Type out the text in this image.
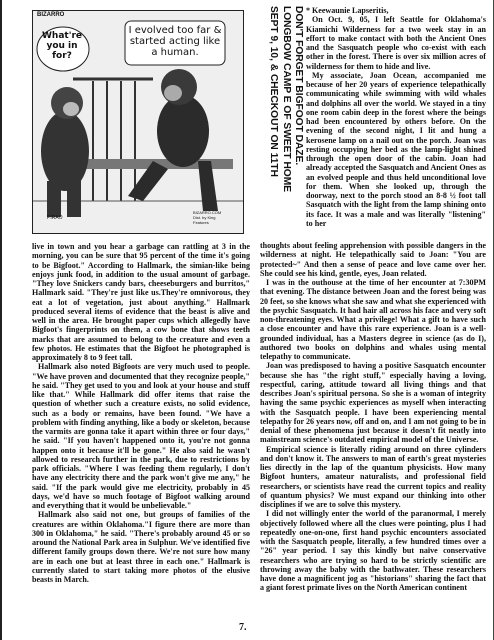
BIZARRO
What're you in for?
I evolved too far & started acting like a human.
BIZARRO.COM Dist. by King Features
PIRAO
DON'T FORGET BIGFOOT DAZE.
LONGBOW CAMP E OF SWEET HOME
SEPT 9, 10, & CHECKOUT ON 11TH	* Keewaunie Lapseritis,

On Oct. 9, 05, I left Seattle for Oklahoma's Kiamichi Wilderness for a two week stay in an effort to make contact with both the Ancient Ones and the Sasquatch people who co-exist with each other in the forest. There is over six million acres of wilderness for them to hide and live.

My associate, Joan Ocean, accompanied me because of her 20 years of experience telepathically communicating while swimming with wild whales and dolphins all over the world. We stayed in a tiny one room cabin deep in the forest where the beings had been encountered by others before. On the evening of the second night, I lit and hung a kerosene lamp on a nail out on the porch. Joan was resting occupying her bed as the lamp-light shined through the open door of the cabin. Joan had already accepted the Sasquatch and Ancient Ones as an evolved people and thus held unconditional love for them. When she looked up, through the doorway, next to the porch stood an 8-8 ½ foot tall Sasquatch with the light from the lamp shining onto its face. It was a male and was literally "listening" to her

thoughts about feeling apprehension with possible dangers in the wilderness at night. He telepathically said to Joan: "You are protected~" And then a sense of peace and love came over her. She could see his kind, gentle, eyes, Joan related.

I was in the outhouse at the time of her encounter at 7:30PM that evening. The distance between Joan and the forest being was 20 feet, so she knows what she saw and what she experienced with the psychic Sasquatch. It had hair all across his face and very soft non-threatening eyes. What a privilege! What a gift to have such a close encounter and have this rare experience. Joan is a well-grounded individual, has a Masters degree in science (as do I), authored two books on dolphins and whales using mental telepathy to communicate.

Joan was predisposed to having a positive Sasquatch encounter because she has "the right stuff," especially having a loving, respectful, caring, attitude toward all living things and that describes Joan's spiritual persona. So she is a woman of integrity having the same psychic experiences as myself when interacting with the Sasquatch people. I have been experiencing mental telepathy for 26 years now, off and on, and I am not going to be in denial of these phenomena just because it doesn't fit neatly into mainstream science's outdated empirical model of the Universe.

Empirical science is literally riding around on three cylinders and don't know it. The answers to man of earth's great mysteries lies directly in the lap of the quantum physicists. How many Bigfoot hunters, amateur naturalists, and professional field researchers, or scientists have read the current topics and reality of quantum physics? We must expand our thinking into other disciplines if we are to solve this mystery.

I did not willingly enter the world of the paranormal, I merely objectively followed where all the clues were pointing, plus I had repeatedly one-on-one, first hand psychic encounters associated with the Sasquatch people, literally, a few hundred times over a "26" year period. I say this kindly but naïve conservative researchers who are trying so hard to be strictly scientific are throwing away the baby with the bathwater. These researchers have done a magnificent jog as "historians" sharing the fact that a giant forest primate lives on the North American continent

live in town and you hear a garbage can rattling at 3 in the morning, you can be sure that 95 percent of the time it's going to be Bigfoot." According to Hallmark, the simian-like being enjoys junk food, in addition to the usual amount of garbage. "They love Snickers candy bars, cheeseburgers and burritos," Hallmark said. "They're just like us.They're omnivorous, they eat a lot of vegetation, just about anything." Hallmark produced several items of evidence that the beast is alive and well in the area. He brought paper cups which allegedly have Bigfoot's fingerprints on them, a cow bone that shows teeth marks that are assumed to belong to the creature and even a few photos. He estimates that the Bigfoot he photographed is approximately 8 to 9 feet tall.

Hallmark also noted Bigfoots are very much used to people. "We have proven and documented that they recognize people," he said. "They get used to you and look at your house and stuff like that." While Hallmark did offer items that raise the question of whether such a creature exists, no solid evidence, such as a body or remains, have been found. "We have a problem with finding anything, like a body or skeleton, because the varmits are gonna take it apart within three or four days," he said. "If you haven't happened onto it, you're not gonna happen onto it because it'll be gone." He also said he wasn't allowed to research further in the park, due to restrictions by park officials. "Where I was feeding them regularly, I don't have any electricity there and the park won't give me any," he said. "If the park would give me electricity, probably in 45 days, we'd have so much footage of Bigfoot walking around and everything that it would be unbelievable."

Hallmark also said not one, but groups of families of the creatures are within Oklahoma."I figure there are more than 300 in Oklahoma," he said. "There's probably around 45 or so around the National Park area in Sulphur. We've identified five different family groups down there. We're not sure how many are in each one but at least three in each one." Hallmark is currently slated to start taking more photos of the elusive beasts in March.

7.
